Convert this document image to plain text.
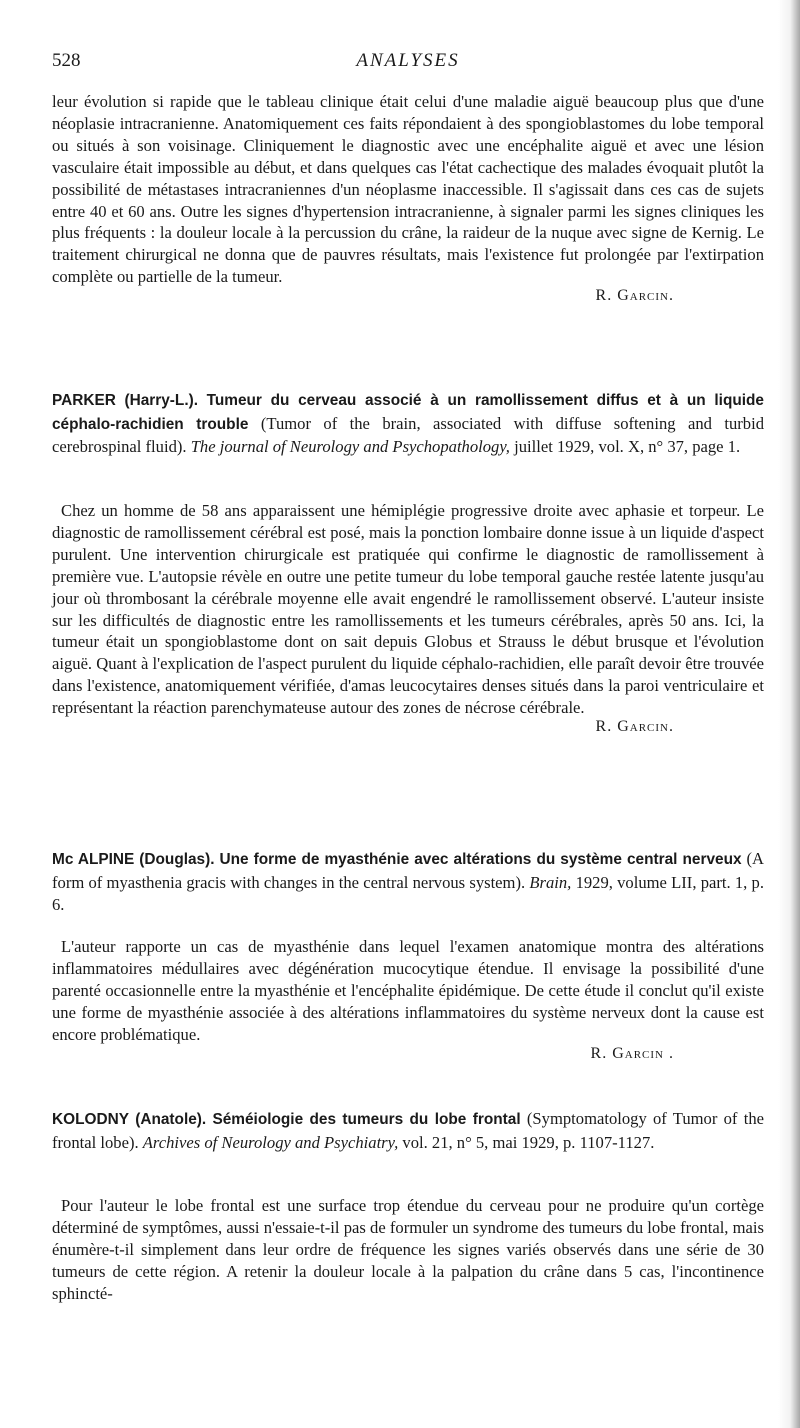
528	ANALYSES

leur évolution si rapide que le tableau clinique était celui d'une maladie aiguë beaucoup plus que d'une néoplasie intracranienne. Anatomiquement ces faits répondaient à des spongioblastomes du lobe temporal ou situés à son voisinage. Cliniquement le diagnostic avec une encéphalite aiguë et avec une lésion vasculaire était impossible au début, et dans quelques cas l'état cachectique des malades évoquait plutôt la possibilité de métastases intracraniennes d'un néoplasme inaccessible. Il s'agissait dans ces cas de sujets entre 40 et 60 ans. Outre les signes d'hypertension intracranienne, à signaler parmi les signes cliniques les plus fréquents : la douleur locale à la percussion du crâne, la raideur de la nuque avec signe de Kernig. Le traitement chirurgical ne donna que de pauvres résultats, mais l'existence fut prolongée par l'extirpation complète ou partielle de la tumeur.

R. Garcin.
PARKER (Harry-L.). Tumeur du cerveau associé à un ramollissement diffus et à un liquide céphalo-rachidien trouble (Tumor of the brain, associated with diffuse softening and turbid cerebrospinal fluid). The journal of Neurology and Psychopathology, juillet 1929, vol. X, n° 37, page 1.

Chez un homme de 58 ans apparaissent une hémiplégie progressive droite avec aphasie et torpeur. Le diagnostic de ramollissement cérébral est posé, mais la ponction lombaire donne issue à un liquide d'aspect purulent. Une intervention chirurgicale est pratiquée qui confirme le diagnostic de ramollissement à première vue. L'autopsie révèle en outre une petite tumeur du lobe temporal gauche restée latente jusqu'au jour où thrombosant la cérébrale moyenne elle avait engendré le ramollissement observé. L'auteur insiste sur les difficultés de diagnostic entre les ramollissements et les tumeurs cérébrales, après 50 ans. Ici, la tumeur était un spongioblastome dont on sait depuis Globus et Strauss le début brusque et l'évolution aiguë. Quant à l'explication de l'aspect purulent du liquide céphalo-rachidien, elle paraît devoir être trouvée dans l'existence, anatomiquement vérifiée, d'amas leucocytaires denses situés dans la paroi ventriculaire et représentant la réaction parenchymateuse autour des zones de nécrose cérébrale.

R. Garcin.
Mc ALPINE (Douglas). Une forme de myasthénie avec altérations du système central nerveux (A form of myasthenia gracis with changes in the central nervous system). Brain, 1929, volume LII, part. 1, p. 6.

L'auteur rapporte un cas de myasthénie dans lequel l'examen anatomique montra des altérations inflammatoires médullaires avec dégénération mucocytique étendue. Il envisage la possibilité d'une parenté occasionnelle entre la myasthénie et l'encéphalite épidémique. De cette étude il conclut qu'il existe une forme de myasthénie associée à des altérations inflammatoires du système nerveux dont la cause est encore problématique.

R. Garcin .
KOLODNY (Anatole). Séméiologie des tumeurs du lobe frontal (Symptomatology of Tumor of the frontal lobe). Archives of Neurology and Psychiatry, vol. 21, n° 5, mai 1929, p. 1107-1127.

Pour l'auteur le lobe frontal est une surface trop étendue du cerveau pour ne produire qu'un cortège déterminé de symptômes, aussi n'essaie-t-il pas de formuler un syndrome des tumeurs du lobe frontal, mais énumère-t-il simplement dans leur ordre de fréquence les signes variés observés dans une série de 30 tumeurs de cette région. A retenir la douleur locale à la palpation du crâne dans 5 cas, l'incontinence sphincté-
